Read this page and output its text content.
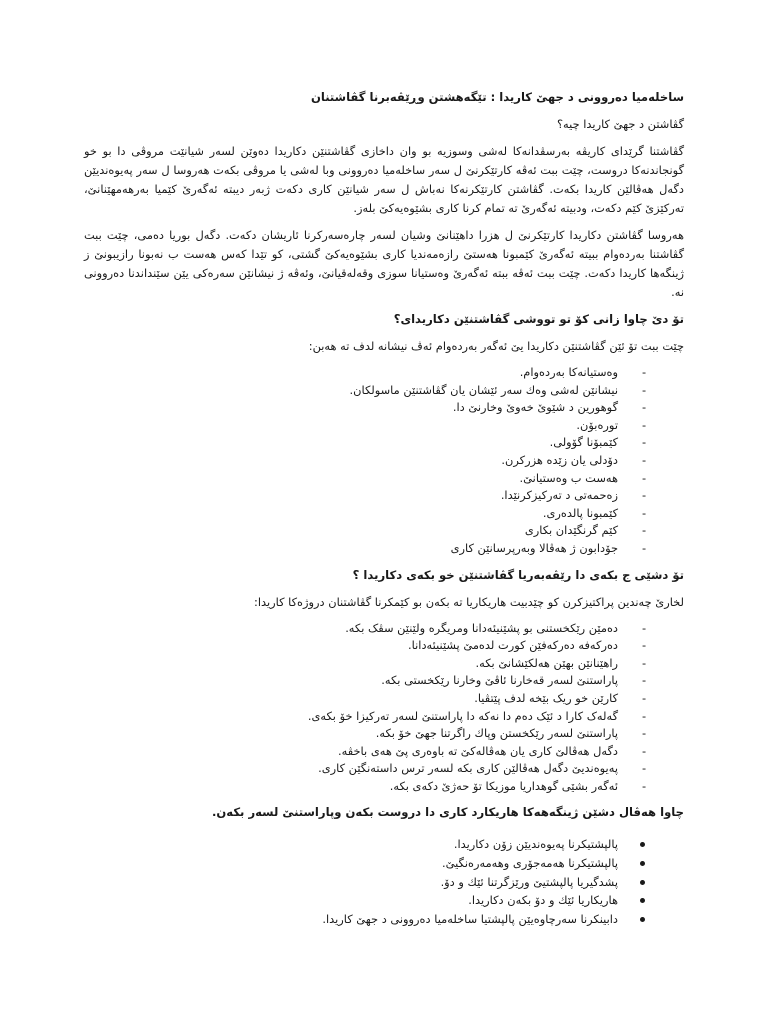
ساخلەمیا دەروونی د جهێ كاریدا : تێگەهشتن وڕێڤەبرنا گڤاشتنان

گڤاشتن د جهێ كاریدا چیە؟

گڤاشتنا گرێدای كاریڤە بەرسڤدانەكا لەشی وسوزیە بو وان داخازی گڤاشتنێن دكاریدا دەوێن لسەر شیانێت مروڤی دا بو خو گونجاندنەكا دروست، چێت ببت ئەڤە كارتێكرنێ ل سەر ساخلەمیا دەروونی وبا لەشی یا مروڤی بكەت هەروسا ل سەر پەیوەندیێن دگەل هەڤالێن كاریدا بكەت. گڤاشتن كارتێكرنەكا نەباش ل سەر شیانێن كاری دكەت ژبەر دیبتە ئەگەرێ كێمیا بەرهەمهێنانێ، تەركێزێ كێم دكەت، ودبیتە ئەگەرێ تە تمام كرنا كاری بشێوەیەكێ بلەز.

هەروسا گڤاشتن دكاریدا كارتێكرنێ ل هزرا داهێنانێ وشیان لسەر چارەسەركرنا ئاریشان دكەت. دگەل بوریا دەمی، چێت ببت گڤاشتنا بەردەوام ببیتە ئەگەرێ كێمبونا هەستێ رازەمەندیا كاری بشێوەیەكێ گشتی، كو تێدا كەس هەست ب نەبونا رازیبونێ ز ژینگەها كاریدا دكەت. چێت ببت ئەڤە ببتە ئەگەرێ وەستیانا سوزی وقەلەقیانێ، وئەڤە ژ نیشانێن سەرەكی یێن سێنداندنا دەروونی نە.

تۆ دێ چاوا زانی كۆ تو تووشی گڤاشتنێن دكاریدای؟

چێت ببت تۆ ئێن گڤاشتنێن دكاریدا یێ ئەگەر بەردەوام ئەڤ نیشانە لدف تە هەبن:

-
وەستیانەكا بەردەوام.
-
نیشانێن لەشی وەك سەر ئێشان یان گڤاشتنێن ماسولكان.
-
گوهورین د شێوێ خەوێ وخارنێ دا.
-
تورەبۆن.
-
كێمبۆنا گۆولی.
-
دۆدلی یان زێدە هزركرن.
-
هەست ب وەستیانێ.
-
زەحمەتی د تەركیزكرنێدا.
-
كێمبونا پالدەری.
-
كێم گرنگێدان بكاری
-
جۆدابون ژ هەڤالا وبەرپرسانێن كاری

تۆ دشێی ج بكەی دا رێڤەبەریا گڤاشتنێن خو بكەی دكاریدا ؟

لخارێ چەندین پراكتیزكرن كو چێدبیت هاریكاریا تە بكەن بو كێمكرنا گڤاشتنان دروژەكا كاریدا:

-
دەمێن رێكخستنی بو پشێنیئەدانا ومریگرە ولێنێن سڤک بكە.
-
دەركەفە دەركەفێن كورت لدەمێ پشێنیئەدانا.
-
راهێنانێن بهێن هەلكێشانێ بكە.
-
پاراستنێ لسەر قەخارنا ئاڤێ وخارنا رێكخستی بكە.
-
كارێن خو ریک بێخە لدف پێتڤیا.
-
گەلەک كارا د ئێک دەم دا نەكە دا پاراستنێ لسەر تەركیزا خۆ بكەی.
-
پاراستنێ لسەر رێكخستن وپاك راگرتنا جهێ خۆ بكە.
-
دگەل هەڤالێ كاری یان هەڤالەكێ تە باوەری پێ هەی باخڤە.
-
پەیوەندیێ دگەل هەڤالێن كاری بكە لسەر ترس داستەنگێن كاری.
-
ئەگەر بشێی گوهداریا موزیكا تۆ حەژێ دكەی بكە.

چاوا هەڤال دشێن ژینگەهەكا هاریكارد كاری دا دروست بكەن وپاراستنێ لسەر بكەن.

پالپشتیكرنا پەیوەندیێن زۆن دكاریدا.
پالپشتیكرنا هەمەجۆری وهەمەرەنگیێ.
پشدگیریا پالپشتیێ ورێزگرتنا ئێك و دۆ.
هاریكاریا ئێك و دۆ بكەن دكاریدا.
دابینكرنا سەرچاوەیێن پالپشتیا ساخلەمیا دەروونی د جهێ كاریدا.
